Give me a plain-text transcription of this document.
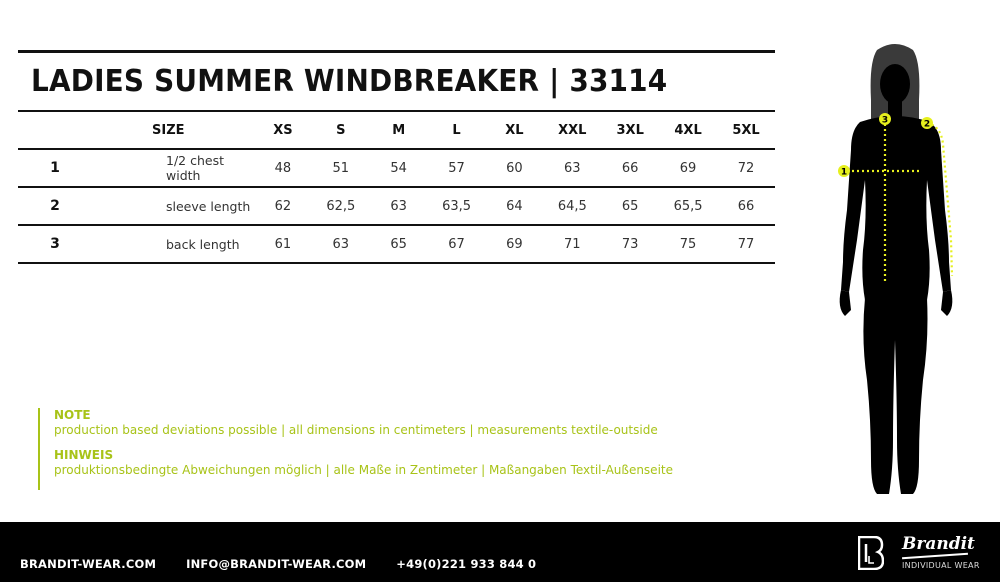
LADIES SUMMER WINDBREAKER | 33114
	SIZE	XS	S	M	L	XL	XXL	3XL	4XL	5XL
1	1/2 chest width	48	51	54	57	60	63	66	69	72
2	sleeve length	62	62,5	63	63,5	64	64,5	65	65,5	66
3	back length	61	63	65	67	69	71	73	75	77
NOTE
production based deviations possible | all dimensions in centimeters | measurements textile-outside
HINWEIS
produktionsbedingte Abweichungen möglich | alle Maße in Zentimeter | Maßangaben Textil-Außenseite
3
1
2
BRANDIT-WEAR.COM	INFO@BRANDIT-WEAR.COM	+49(0)221 933 844 0
Brandit
INDIVIDUAL WEAR
